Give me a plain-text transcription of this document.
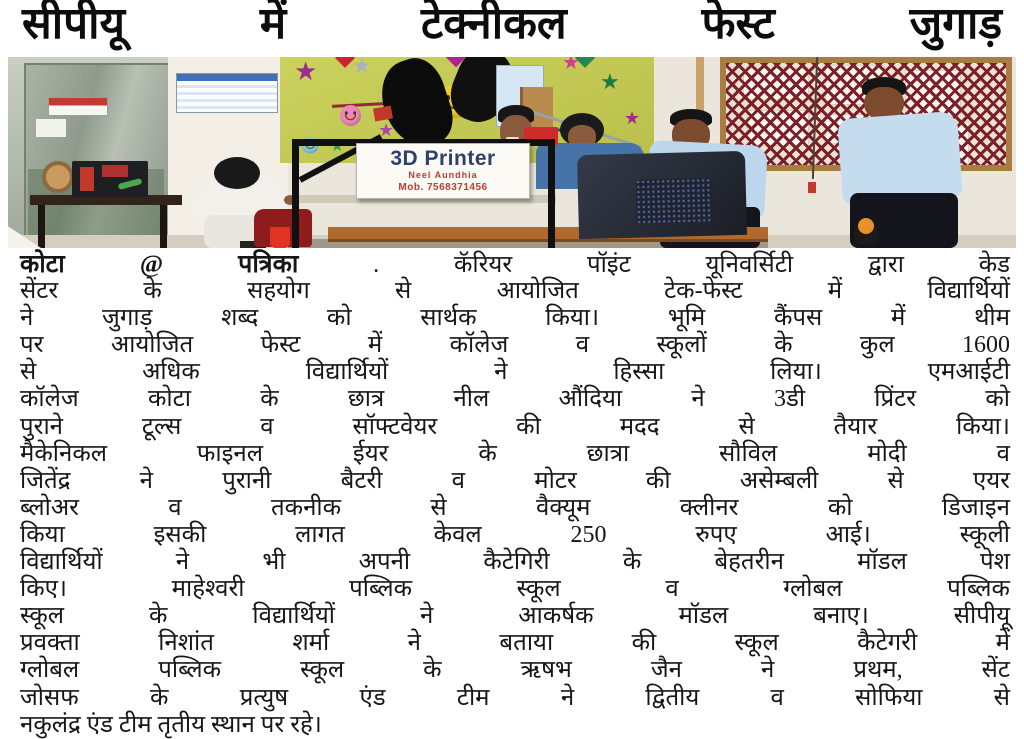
सीपीयू में टेक्नीकल फेस्ट जुगाड़
★
★
★
★
★
★
★
★
3D Printer
Neel Aundhia
Mob. 7568371456
कोटा @ पत्रिका	. कॅरियर पॉइंट यूनिवर्सिटी द्वारा केड
सेंटर के सहयोग से आयोजित टेक-फेस्ट में विद्यार्थियों
ने जुगाड़ शब्द को सार्थक किया। भूमि कैंपस में थीम
पर आयोजित फेस्ट में कॉलेज व स्कूलों के कुल 1600
से अधिक विद्यार्थियों ने हिस्सा लिया। एमआईटी
कॉलेज कोटा के छात्र नील औंदिया ने 3डी प्रिंटर को
पुराने टूल्स व सॉफ्टवेयर की मदद से तैयार किया।
मैकेनिकल फाइनल ईयर के छात्रा सौविल मोदी व
जितेंद्र ने पुरानी बैटरी व मोटर की असेम्बली से एयर
ब्लोअर व तकनीक से वैक्यूम क्लीनर को डिजाइन
किया इसकी लागत केवल 250 रुपए आई। स्कूली
विद्यार्थियों ने भी अपनी कैटेगिरी के बेहतरीन मॉडल पेश
किए। माहेश्वरी पब्लिक स्कूल व ग्लोबल पब्लिक
स्कूल के विद्यार्थियों ने आकर्षक मॉडल बनाए। सीपीयू
प्रवक्ता निशांत शर्मा ने बताया की स्कूल कैटेगरी में
ग्लोबल पब्लिक स्कूल के ऋषभ जैन ने प्रथम, सेंट
जोसफ के प्रत्युष एंड टीम ने द्वितीय व सोफिया से
नकुलंद्र एंड टीम तृतीय स्थान पर रहे।
